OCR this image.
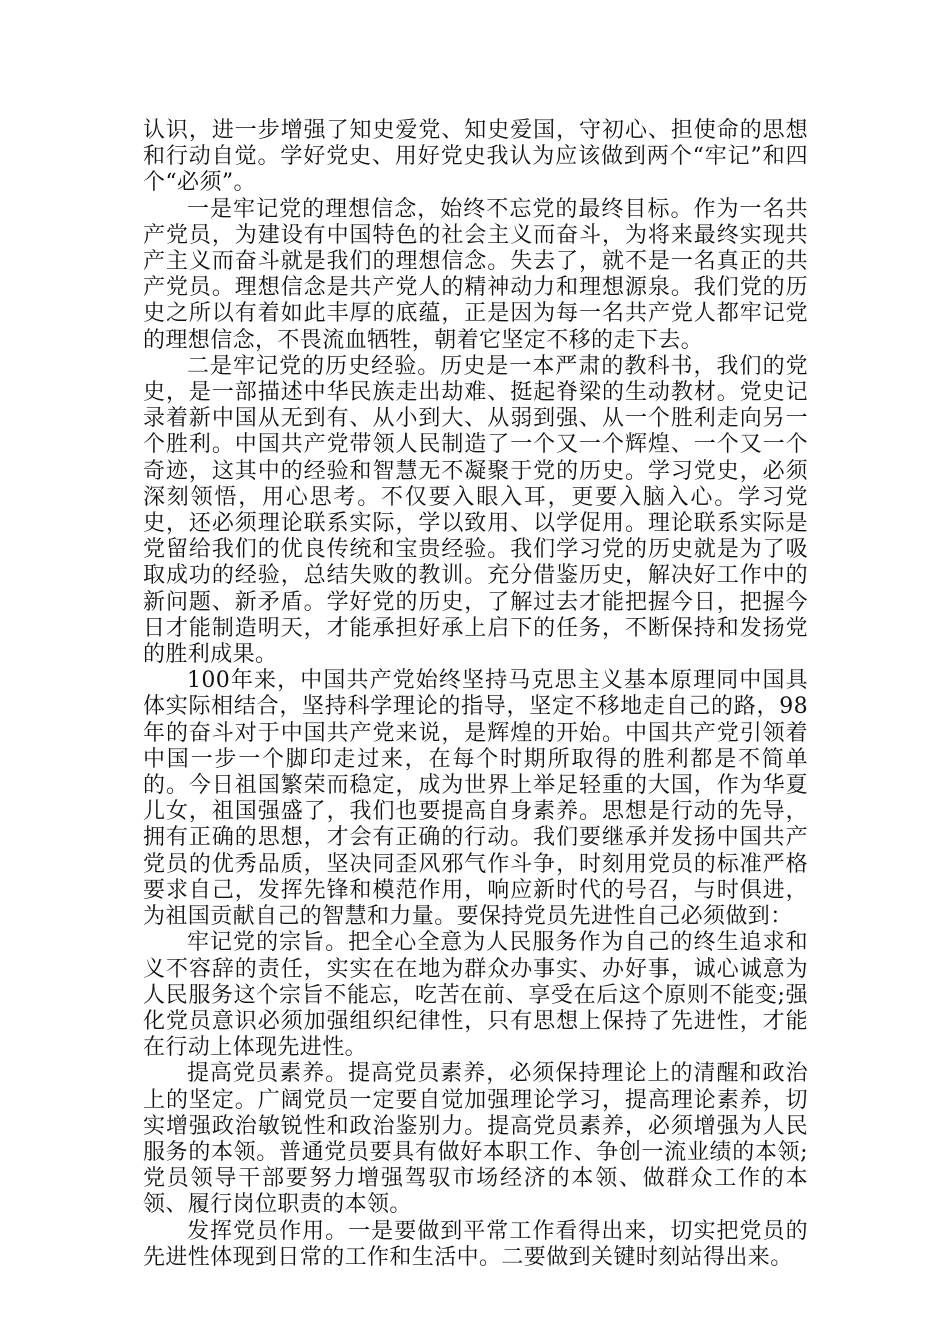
认识，进一步增强了知史爱党、知史爱国，守初心、担使命的思想和行动自觉。学好党史、用好党史我认为应该做到两个“牢记”和四个“必须”。

一是牢记党的理想信念，始终不忘党的最终目标。作为一名共产党员，为建设有中国特色的社会主义而奋斗，为将来最终实现共产主义而奋斗就是我们的理想信念。失去了，就不是一名真正的共产党员。理想信念是共产党人的精神动力和理想源泉。我们党的历史之所以有着如此丰厚的底蕴，正是因为每一名共产党人都牢记党的理想信念，不畏流血牺牲，朝着它坚定不移的走下去。

二是牢记党的历史经验。历史是一本严肃的教科书，我们的党史，是一部描述中华民族走出劫难、挺起脊梁的生动教材。党史记录着新中国从无到有、从小到大、从弱到强、从一个胜利走向另一个胜利。中国共产党带领人民制造了一个又一个辉煌、一个又一个奇迹，这其中的经验和智慧无不凝聚于党的历史。学习党史，必须深刻领悟，用心思考。不仅要入眼入耳，更要入脑入心。学习党史，还必须理论联系实际，学以致用、以学促用。理论联系实际是党留给我们的优良传统和宝贵经验。我们学习党的历史就是为了吸取成功的经验，总结失败的教训。充分借鉴历史，解决好工作中的新问题、新矛盾。学好党的历史，了解过去才能把握今日，把握今日才能制造明天，才能承担好承上启下的任务，不断保持和发扬党的胜利成果。

100年来，中国共产党始终坚持马克思主义基本原理同中国具体实际相结合，坚持科学理论的指导，坚定不移地走自己的路，98年的奋斗对于中国共产党来说，是辉煌的开始。中国共产党引领着中国一步一个脚印走过来，在每个时期所取得的胜利都是不简单的。今日祖国繁荣而稳定，成为世界上举足轻重的大国，作为华夏儿女，祖国强盛了，我们也要提高自身素养。思想是行动的先导，拥有正确的思想，才会有正确的行动。我们要继承并发扬中国共产党员的优秀品质，坚决同歪风邪气作斗争，时刻用党员的标准严格要求自己，发挥先锋和模范作用，响应新时代的号召，与时俱进，为祖国贡献自己的智慧和力量。要保持党员先进性自己必须做到：

牢记党的宗旨。把全心全意为人民服务作为自己的终生追求和义不容辞的责任，实实在在地为群众办事实、办好事，诚心诚意为人民服务这个宗旨不能忘，吃苦在前、享受在后这个原则不能变;强化党员意识必须加强组织纪律性，只有思想上保持了先进性，才能在行动上体现先进性。

提高党员素养。提高党员素养，必须保持理论上的清醒和政治上的坚定。广阔党员一定要自觉加强理论学习，提高理论素养，切实增强政治敏锐性和政治鉴别力。提高党员素养，必须增强为人民服务的本领。普通党员要具有做好本职工作、争创一流业绩的本领;党员领导干部要努力增强驾驭市场经济的本领、做群众工作的本领、履行岗位职责的本领。

发挥党员作用。一是要做到平常工作看得出来，切实把党员的先进性体现到日常的工作和生活中。二要做到关键时刻站得出来。
